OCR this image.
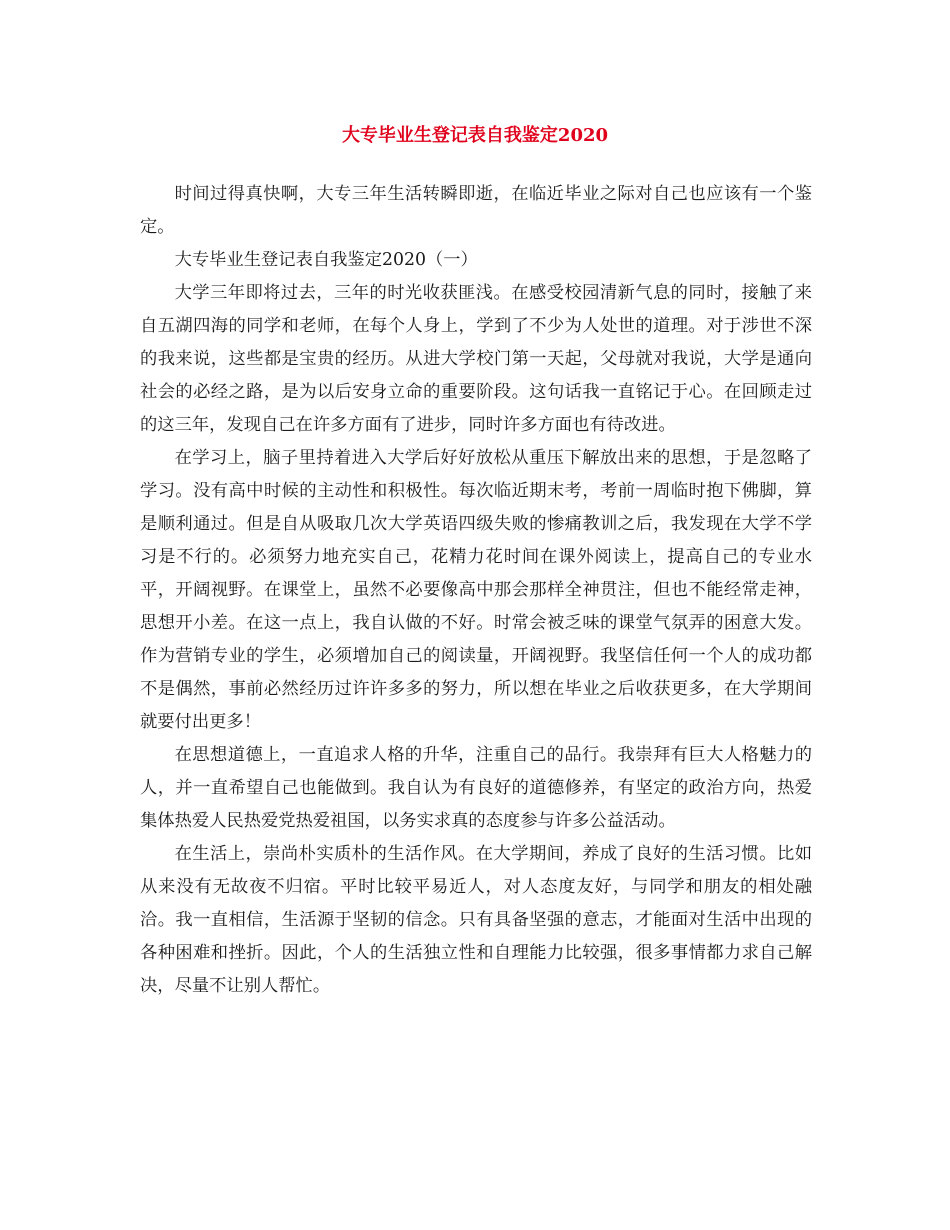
大专毕业生登记表自我鉴定2020

时间过得真快啊，大专三年生活转瞬即逝，在临近毕业之际对自己也应该有一个鉴定。

大专毕业生登记表自我鉴定2020（一）

大学三年即将过去，三年的时光收获匪浅。在感受校园清新气息的同时，接触了来自五湖四海的同学和老师，在每个人身上，学到了不少为人处世的道理。对于涉世不深的我来说，这些都是宝贵的经历。从进大学校门第一天起，父母就对我说，大学是通向社会的必经之路，是为以后安身立命的重要阶段。这句话我一直铭记于心。在回顾走过的这三年，发现自己在许多方面有了进步，同时许多方面也有待改进。

在学习上，脑子里持着进入大学后好好放松从重压下解放出来的思想，于是忽略了学习。没有高中时候的主动性和积极性。每次临近期末考，考前一周临时抱下佛脚，算是顺利通过。但是自从吸取几次大学英语四级失败的惨痛教训之后，我发现在大学不学习是不行的。必须努力地充实自己，花精力花时间在课外阅读上，提高自己的专业水平，开阔视野。在课堂上，虽然不必要像高中那会那样全神贯注，但也不能经常走神，思想开小差。在这一点上，我自认做的不好。时常会被乏味的课堂气氛弄的困意大发。作为营销专业的学生，必须增加自己的阅读量，开阔视野。我坚信任何一个人的成功都不是偶然，事前必然经历过许许多多的努力，所以想在毕业之后收获更多，在大学期间就要付出更多！

在思想道德上，一直追求人格的升华，注重自己的品行。我崇拜有巨大人格魅力的人，并一直希望自己也能做到。我自认为有良好的道德修养，有坚定的政治方向，热爱集体热爱人民热爱党热爱祖国，以务实求真的态度参与许多公益活动。

在生活上，崇尚朴实质朴的生活作风。在大学期间，养成了良好的生活习惯。比如从来没有无故夜不归宿。平时比较平易近人，对人态度友好，与同学和朋友的相处融洽。我一直相信，生活源于坚韧的信念。只有具备坚强的意志，才能面对生活中出现的各种困难和挫折。因此，个人的生活独立性和自理能力比较强，很多事情都力求自己解决，尽量不让别人帮忙。
